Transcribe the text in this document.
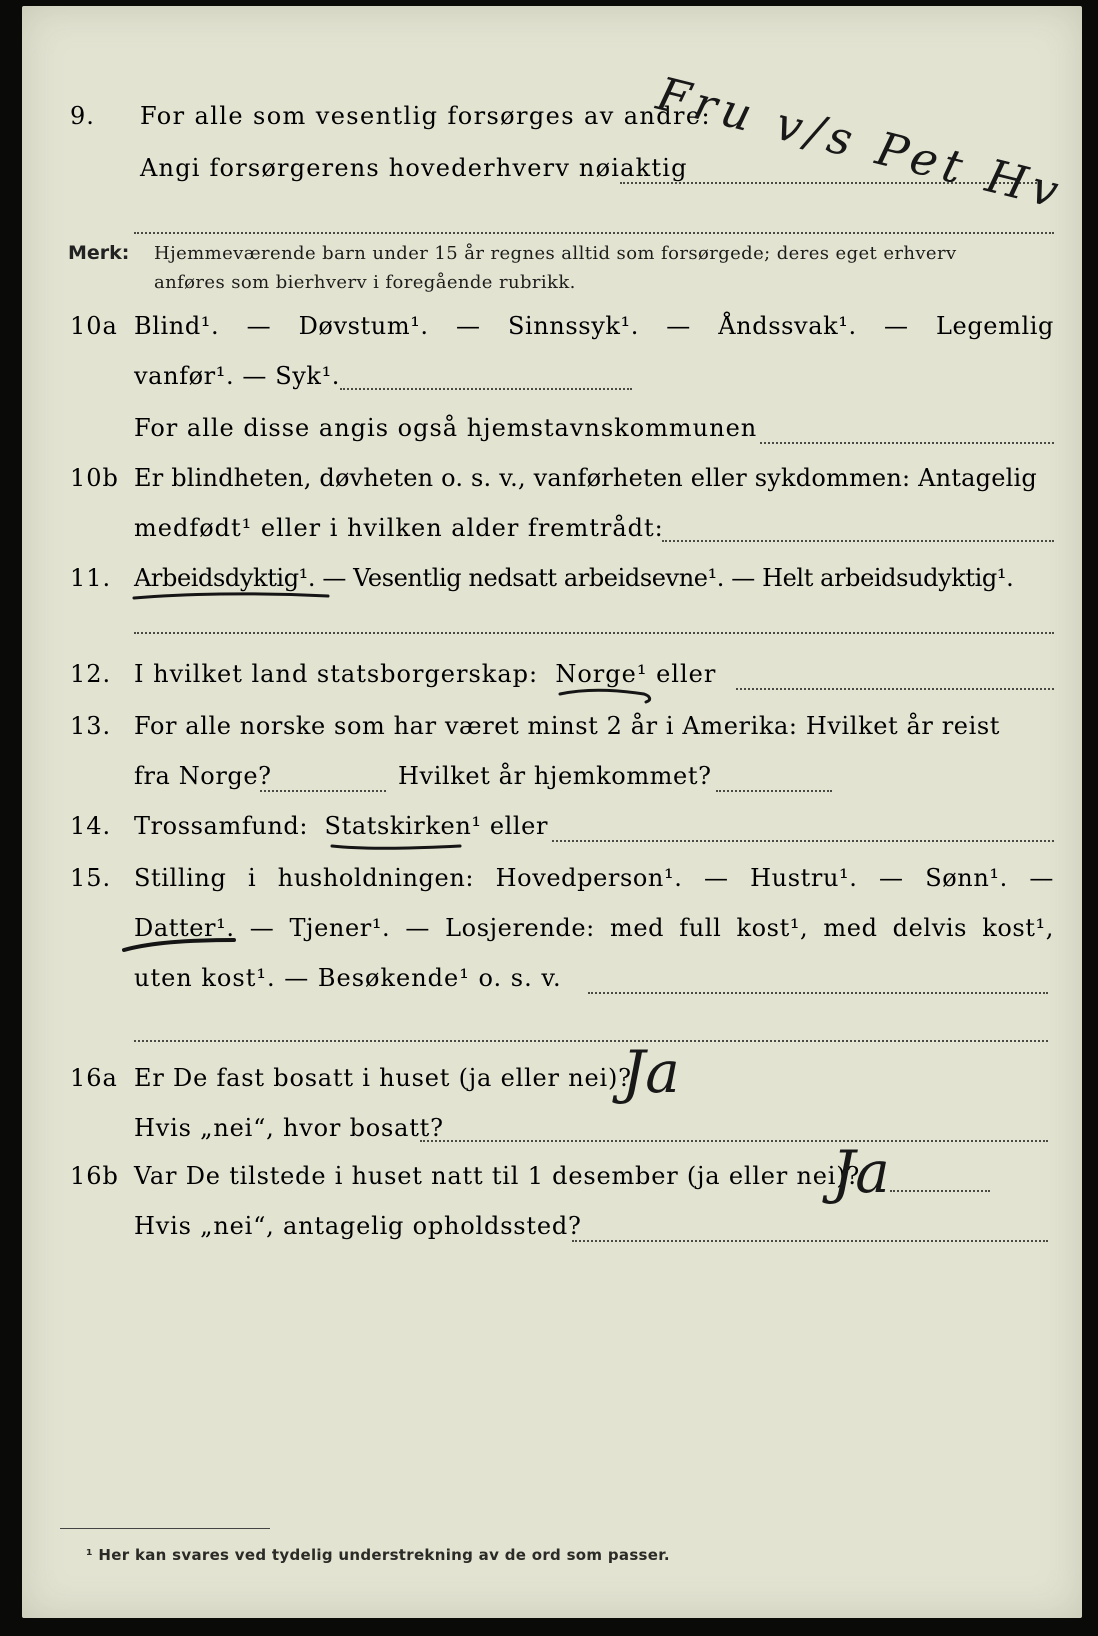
9.	For alle som vesentlig forsørges av andre:
Angi forsørgerens hovederhverv nøiaktig
Fru v/s Pet Hv
Merk: Hjemmeværende barn under 15 år regnes alltid som forsørgede; deres eget erhverv
anføres som bierhverv i foregående rubrikk.
10a Blind¹. — Døvstum¹. — Sinnssyk¹. — Åndssvak¹. — Legemlig
vanfør¹. — Syk¹.
For alle disse angis også hjemstavnskommunen
10b Er blindheten, døvheten o. s. v., vanførheten eller sykdommen: Antagelig
medfødt¹ eller i hvilken alder fremtrådt:
11. Arbeidsdyktig¹. — Vesentlig nedsatt arbeidsevne¹. — Helt arbeidsudyktig¹.
12. I hvilket land statsborgerskap:  Norge¹ eller
13. For alle norske som har været minst 2 år i Amerika: Hvilket år reist
fra Norge?	Hvilket år hjemkommet?
14. Trossamfund:  Statskirken¹ eller
15. Stilling i husholdningen: Hovedperson¹. — Hustru¹. — Sønn¹. —
Datter¹. — Tjener¹. — Losjerende: med full kost¹, med delvis kost¹,
uten kost¹. — Besøkende¹ o. s. v.
16a Er De fast bosatt i huset (ja eller nei)?
Ja
Hvis „nei“, hvor bosatt?
16b Var De tilstede i huset natt til 1 desember (ja eller nei)?
Ja
Hvis „nei“, antagelig opholdssted?
¹ Her kan svares ved tydelig understrekning av de ord som passer.
